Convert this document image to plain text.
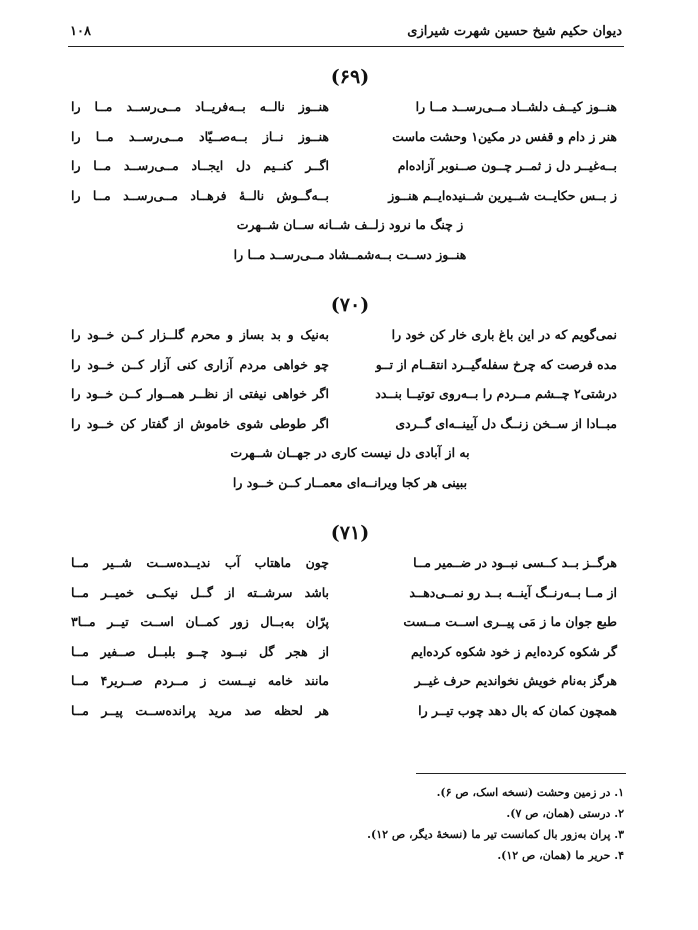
دیوان حکیم شیخ حسین شهرت شیرازی
۱۰۸
(۶۹)
هنــوز کیــف دلشــاد مــی‌رســد مــا را
هنــوز نالــه بــه‌فریــاد مــی‌رســد مــا را
هنر ز دام و قفس در مکین۱ وحشت ماست
هنــوز نــاز بــه‌صــیّاد مــی‌رســد مــا را
بــه‌غیــر دل ز ثمــر چــون صــنوبر آزاده‌ام
اگــر کنــیم دل ایجــاد مــی‌رســد مــا را
ز بــس حکایــت شــیرین شــنیده‌ایــم هنــوز
بــه‌گــوش نالــهٔ فرهــاد مــی‌رســد مــا را
ز چنگ ما نرود زلــف شــانه ســان شــهرت
هنــوز دســت بــه‌شمــشاد مــی‌رســد مــا را
(۷۰)
نمی‌گویم که در این باغ باری خار کن خود را
به‌نیک و بد بساز و محرم گلــزار کــن خــود را
مده فرصت که چرخ سفله‌گیــرد انتقــام از تــو
چو خواهی مردم آزاری کنی آزار کــن خــود را
درشتی۲ چــشم مــردم را بــه‌روی توتیــا بنــدد
اگر خواهی نیفتی از نظــر همــوار کــن خــود را
مبــادا از ســخن زنــگ دل آیینــه‌ای گــردی
اگر طوطی شوی خاموش از گفتار کن خــود را
به از آبادی دل نیست کاری در جهــان شــهرت
ببینی هر کجا ویرانــه‌ای معمــار کــن خــود را
(۷۱)
هرگــز بــد کــسی نبــود در ضــمیر مــا
چون ماهتاب آب ندیــده‌ســت شــیر مــا
از مــا بــه‌رنــگ آینــه بــد رو نمــی‌دهــد
باشد سرشــته از گــل نیکــی خمیــر مــا
طبع جوان ما ز مَی پیــری اســت مــست
پرّان به‌بــال زور کمــان اســت تیــر مــا۳
گر شکوه کرده‌ایم ز خود شکوه کرده‌ایم
از هجر گل نبــود چــو بلبــل صــفیر مــا
هرگز به‌نام خویش نخواندیم حرف غیــر
مانند خامه نیــست ز مــردم صــریر۴ مــا
همچون کمان که بال دهد چوب تیــر را
هر لحظه صد مرید پرانده‌ســت پیــر مــا
۱. در زمین وحشت (نسخه اسک، ص ۶).
۲. درستی (همان، ص ۷).
۳. پران به‌زور بال کمانست تیر ما (نسخهٔ دیگر، ص ۱۲).
۴. حریر ما (همان، ص ۱۲).
